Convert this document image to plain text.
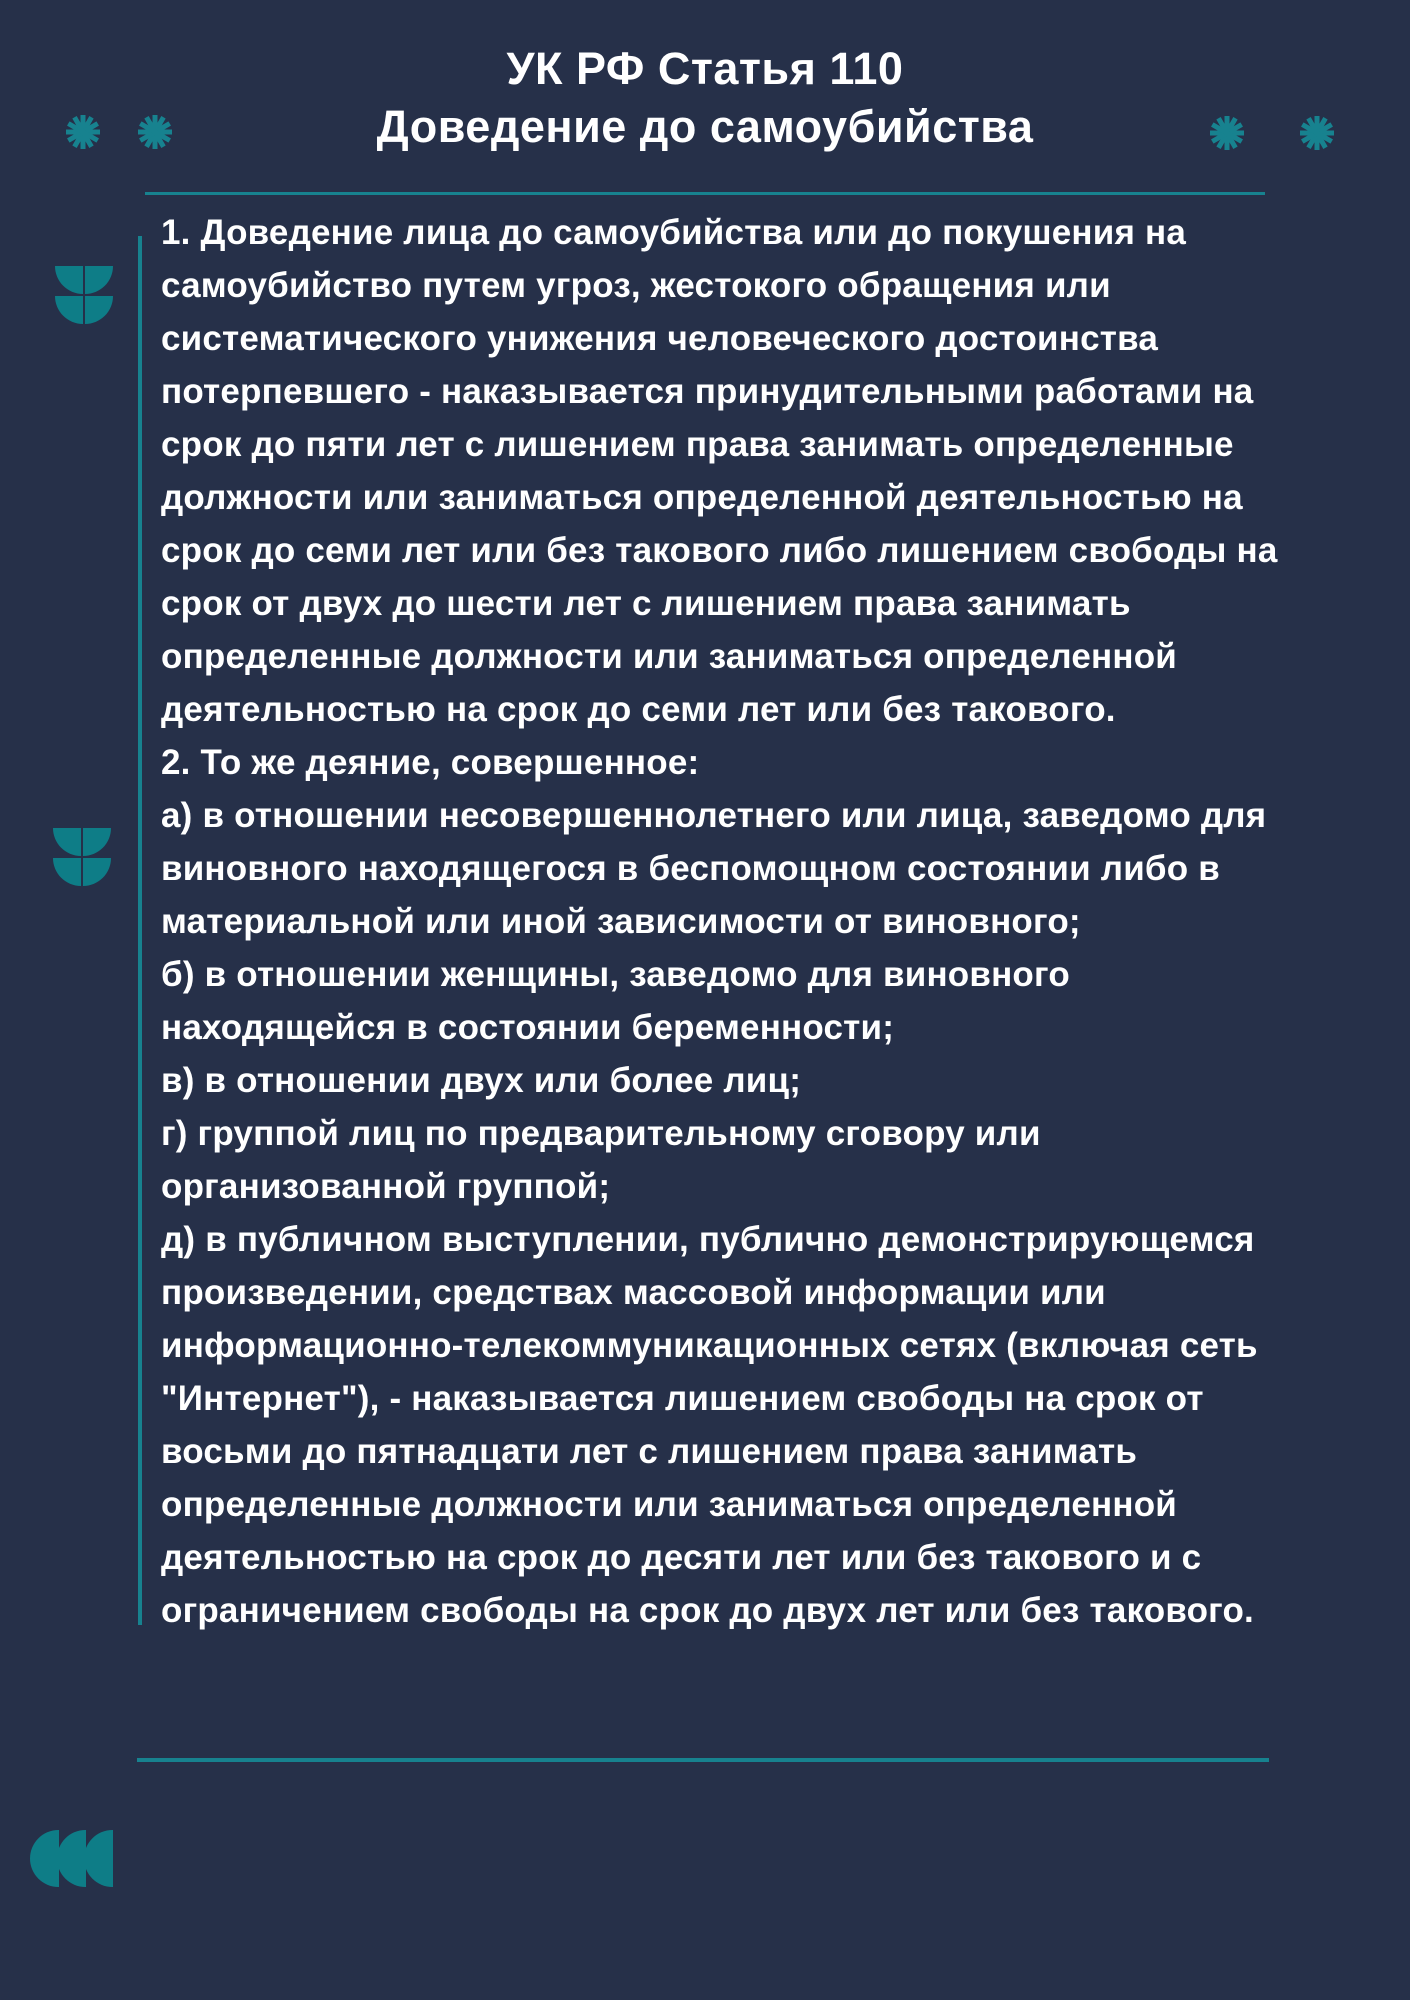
УК РФ Статья 110
Доведение до самоубийства

1. Доведение лица до самоубийства или до покушения на самоубийство путем угроз, жестокого обращения или систематического унижения человеческого достоинства потерпевшего - наказывается принудительными работами на срок до пяти лет с лишением права занимать определенные должности или заниматься определенной деятельностью на срок до семи лет или без такового либо лишением свободы на срок от двух до шести лет с лишением права занимать определенные должности или заниматься определенной деятельностью на срок до семи лет или без такового.

2. То же деяние, совершенное:
а) в отношении несовершеннолетнего или лица, заведомо для виновного находящегося в беспомощном состоянии либо в материальной или иной зависимости от виновного;
б) в отношении женщины, заведомо для виновного находящейся в состоянии беременности;
в) в отношении двух или более лиц;
г) группой лиц по предварительному сговору или организованной группой;
д) в публичном выступлении, публично демонстрирующемся произведении, средствах массовой информации или информационно-телекоммуникационных сетях (включая сеть "Интернет"), - наказывается лишением свободы на срок от восьми до пятнадцати лет с лишением права занимать определенные должности или заниматься определенной деятельностью на срок до десяти лет или без такового и с ограничением свободы на срок до двух лет или без такового.
